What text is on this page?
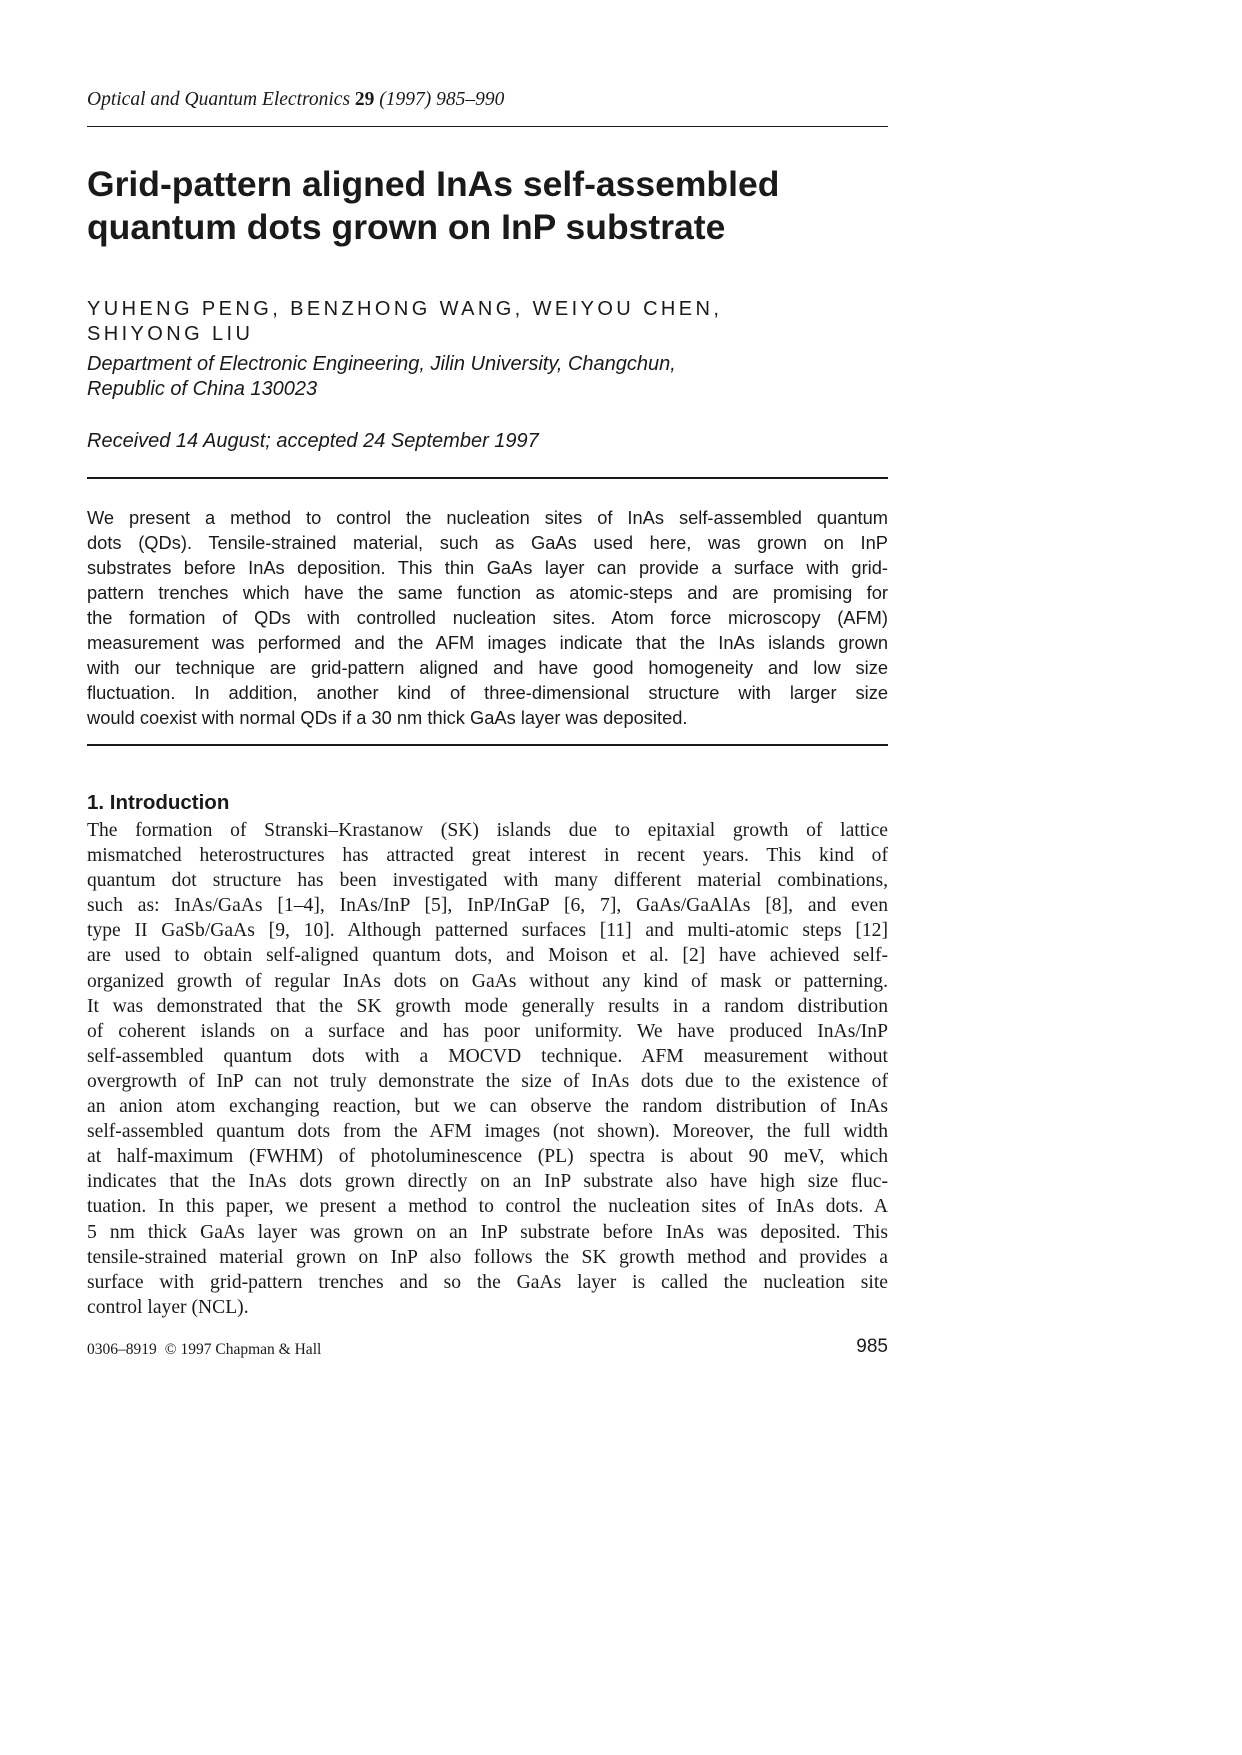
Optical and Quantum Electronics 29 (1997) 985–990
Grid-pattern aligned InAs self-assembled
quantum dots grown on InP substrate
YUHENG PENG, BENZHONG WANG, WEIYOU CHEN,
SHIYONG LIU
Department of Electronic Engineering, Jilin University, Changchun,
Republic of China 130023
Received 14 August; accepted 24 September 1997
We present a method to control the nucleation sites of InAs self-assembled quantum
dots (QDs). Tensile-strained material, such as GaAs used here, was grown on InP
substrates before InAs deposition. This thin GaAs layer can provide a surface with grid-
pattern trenches which have the same function as atomic-steps and are promising for
the formation of QDs with controlled nucleation sites. Atom force microscopy (AFM)
measurement was performed and the AFM images indicate that the InAs islands grown
with our technique are grid-pattern aligned and have good homogeneity and low size
fluctuation. In addition, another kind of three-dimensional structure with larger size
would coexist with normal QDs if a 30 nm thick GaAs layer was deposited.
1. Introduction
The formation of Stranski–Krastanow (SK) islands due to epitaxial growth of lattice
mismatched heterostructures has attracted great interest in recent years. This kind of
quantum dot structure has been investigated with many different material combinations,
such as: InAs/GaAs [1–4], InAs/InP [5], InP/InGaP [6, 7], GaAs/GaAlAs [8], and even
type II GaSb/GaAs [9, 10]. Although patterned surfaces [11] and multi-atomic steps [12]
are used to obtain self-aligned quantum dots, and Moison et al. [2] have achieved self-
organized growth of regular InAs dots on GaAs without any kind of mask or patterning.
It was demonstrated that the SK growth mode generally results in a random distribution
of coherent islands on a surface and has poor uniformity. We have produced InAs/InP
self-assembled quantum dots with a MOCVD technique. AFM measurement without
overgrowth of InP can not truly demonstrate the size of InAs dots due to the existence of
an anion atom exchanging reaction, but we can observe the random distribution of InAs
self-assembled quantum dots from the AFM images (not shown). Moreover, the full width
at half-maximum (FWHM) of photoluminescence (PL) spectra is about 90 meV, which
indicates that the InAs dots grown directly on an InP substrate also have high size fluc-
tuation. In this paper, we present a method to control the nucleation sites of InAs dots. A
5 nm thick GaAs layer was grown on an InP substrate before InAs was deposited. This
tensile-strained material grown on InP also follows the SK growth method and provides a
surface with grid-pattern trenches and so the GaAs layer is called the nucleation site
control layer (NCL).
0306–8919 © 1997 Chapman & Hall	985
